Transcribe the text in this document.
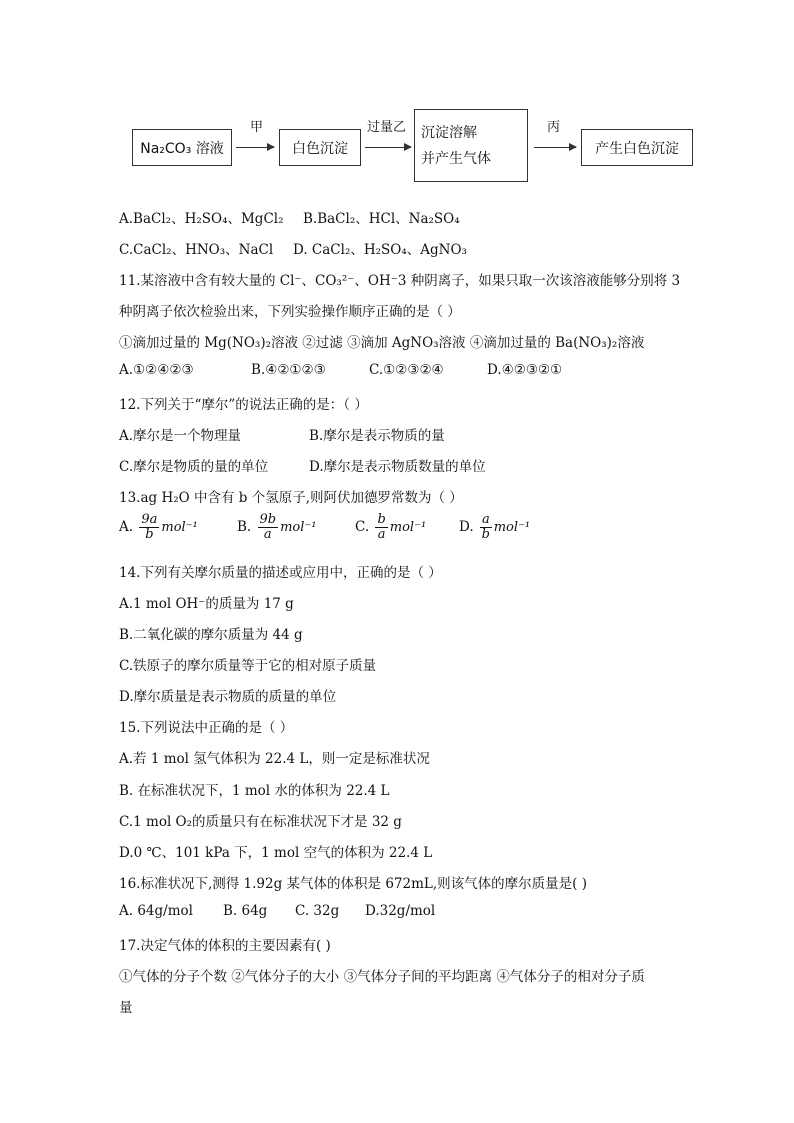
Na₂CO₃ 溶液
甲
白色沉淀
过量乙 沉淀溶解
并产生气体
丙
产生白色沉淀
A.BaCl₂、H₂SO₄、MgCl₂ B.BaCl₂、HCl、Na₂SO₄
C.CaCl₂、HNO₃、NaCl D. CaCl₂、H₂SO₄、AgNO₃
11.某溶液中含有较大量的 Cl⁻、CO₃²⁻、OH⁻3 种阴离子，如果只取一次该溶液能够分别将 3
种阴离子依次检验出来，下列实验操作顺序正确的是（ ）
①滴加过量的 Mg(NO₃)₂溶液 ②过滤 ③滴加 AgNO₃溶液 ④滴加过量的 Ba(NO₃)₂溶液
A.①②④②③	B.④②①②③	C.①②③②④	D.④②③②①
12.下列关于“摩尔”的说法正确的是：（ ）
A.摩尔是一个物理量	B.摩尔是表示物质的量
C.摩尔是物质的量的单位	D.摩尔是表示物质数量的单位
13.ag H₂O 中含有 b 个氢原子,则阿伏加德罗常数为（ ）
A. $\frac{9a}{b} mol^{-1}$	B. $\frac{9b}{a} mol^{-1}$	C. $\frac{b}{a} mol^{-1}$ D. $\frac{a}{b} mol^{-1}$
14.下列有关摩尔质量的描述或应用中，正确的是（ ）
A.1 mol OH⁻的质量为 17 g
B.二氧化碳的摩尔质量为 44 g
C.铁原子的摩尔质量等于它的相对原子质量
D.摩尔质量是表示物质的质量的单位
15.下列说法中正确的是（ ）
A.若 1 mol 氢气体积为 22.4 L，则一定是标准状况
B. 在标准状况下，1 mol 水的体积为 22.4 L
C.1 mol O₂的质量只有在标准状况下才是 32 g
D.0 ℃、101 kPa 下，1 mol 空气的体积为 22.4 L
16.标准状况下,测得 1.92g 某气体的体积是 672mL,则该气体的摩尔质量是( )
A. 64g/mol B. 64g C. 32g D.32g/mol
17.决定气体的体积的主要因素有( )
①气体的分子个数 ②气体分子的大小 ③气体分子间的平均距离 ④气体分子的相对分子质
量
